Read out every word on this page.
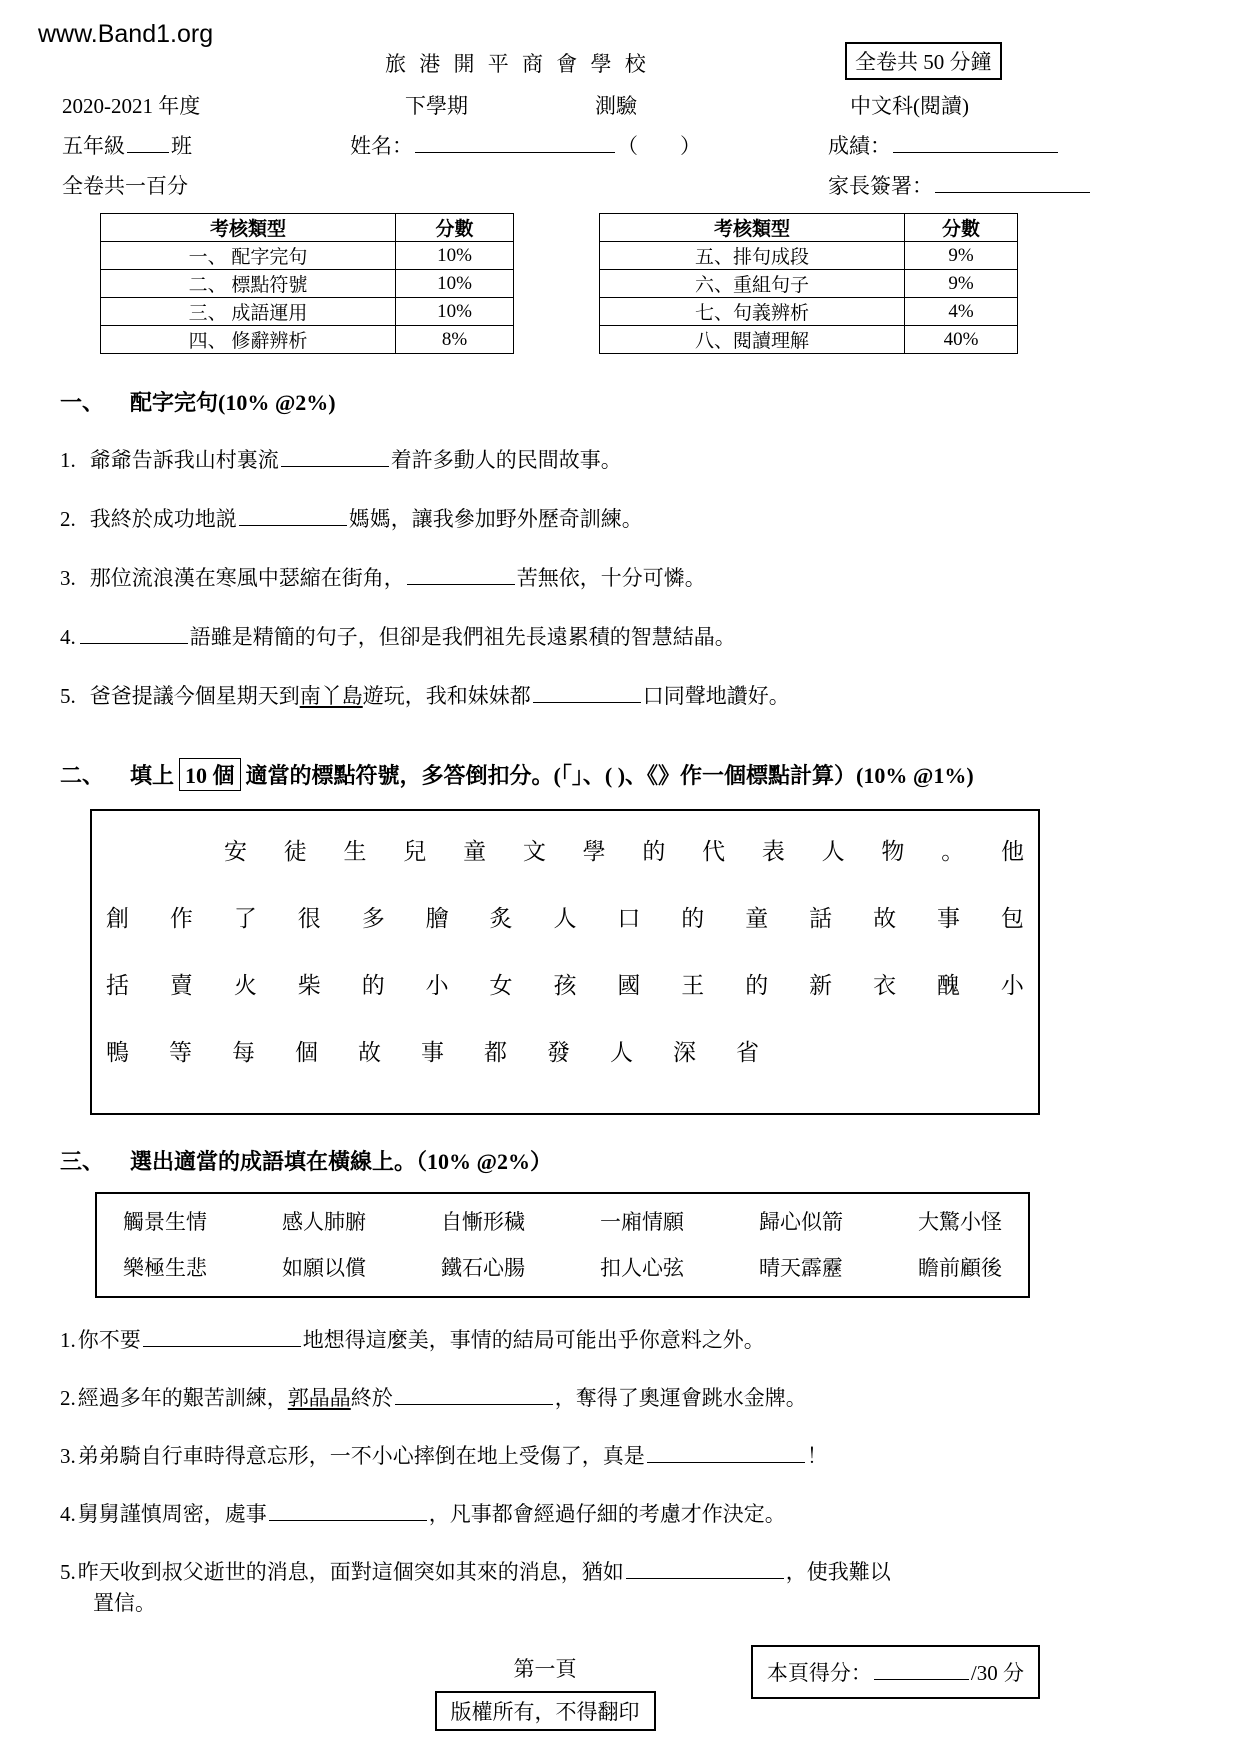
www.Band1.org
旅 港 開 平 商 會 學 校	全卷共 50 分鐘
2020-2021 年度	下學期	測驗	中文科(閱讀)
五年級 班	姓名：	（　　）	成績：
全卷共一百分	家長簽署：
考核類型	分數
一、 配字完句	10%
二、 標點符號	10%
三、 成語運用	10%
四、 修辭辨析	8%
考核類型	分數
五、排句成段	9%
六、重組句子	9%
七、句義辨析	4%
八、閱讀理解	40%
一、 配字完句(10% @2%)
1. 爺爺告訴我山村裏流	着許多動人的民間故事。
2. 我終於成功地説	媽媽，讓我參加野外歷奇訓練。
3. 那位流浪漢在寒風中瑟縮在街角，	苦無依，十分可憐。
4.	語雖是精簡的句子，但卻是我們祖先長遠累積的智慧結晶。
5. 爸爸提議今個星期天到南丫島遊玩，我和妹妹都	口同聲地讚好。
二、 填上 10 個 適當的標點符號，多答倒扣分。(「」、( )、《》作一個標點計算）(10% @1%)
安 徒 生 兒 童 文 學 的 代 表 人 物 。 他
創 作 了 很 多 膾 炙 人 口 的 童 話 故 事 包
括 賣 火 柴 的 小 女 孩 國 王 的 新 衣 醜 小
鴨	等	每	個	故	事	都	發	人	深	省
三、 選出適當的成語填在橫線上。（10% @2%）
觸景生情	感人肺腑	自慚形穢	一廂情願	歸心似箭	大驚小怪
樂極生悲	如願以償	鐵石心腸	扣人心弦	晴天霹靂	瞻前顧後
1.你不要	地想得這麼美，事情的結局可能出乎你意料之外。
2.經過多年的艱苦訓練，郭晶晶終於	，奪得了奧運會跳水金牌。
3.弟弟騎自行車時得意忘形，一不小心摔倒在地上受傷了，真是	！
4.舅舅謹慎周密，處事	，凡事都會經過仔細的考慮才作決定。
5.昨天收到叔父逝世的消息，面對這個突如其來的消息，猶如	，使我難以
置信。
第一頁
版權所有，不得翻印
本頁得分：	/30 分
